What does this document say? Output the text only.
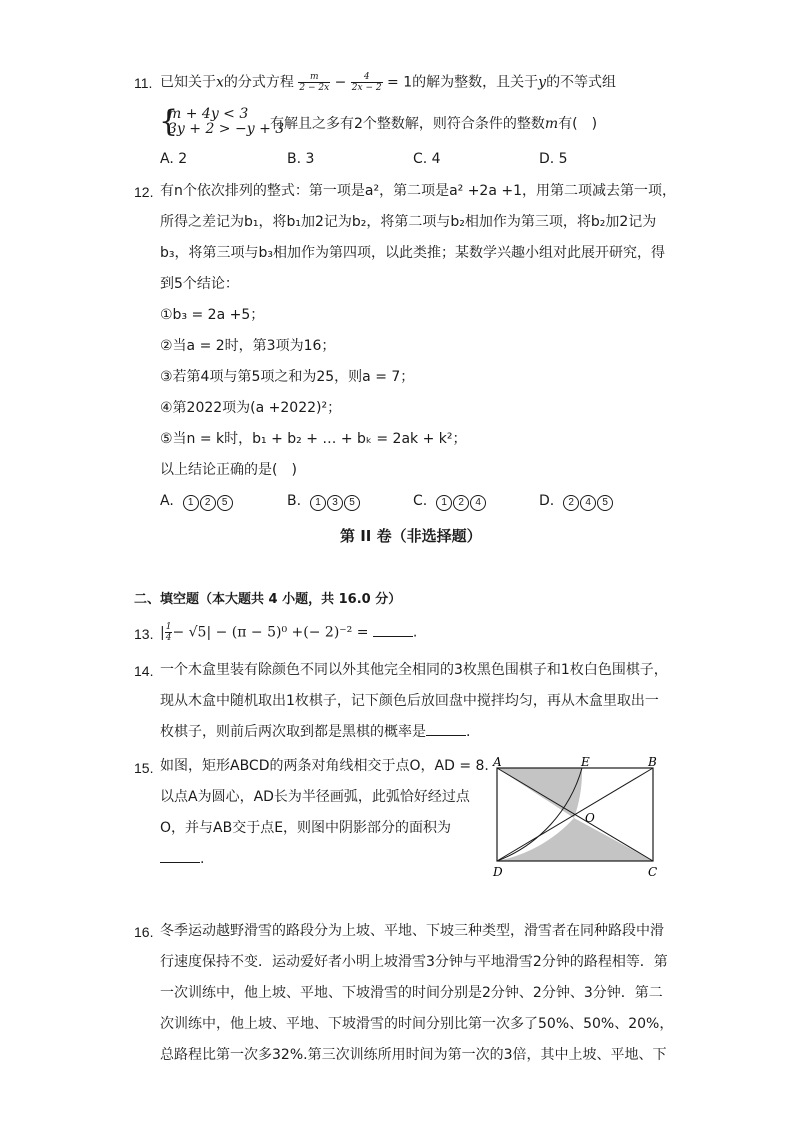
11. 已知关于x的分式方程 $\frac{m}{2 - 2x} - \frac{4}{2x - 2} = 1$的解为整数，且关于y的不等式组
{
m + 4y < 3
3y + 2 > −y + 3
有解且之多有2个整数解，则符合条件的整数m有(　)
A. 2	B. 3	C. 4	D. 5
12. 有n个依次排列的整式：第一项是a²，第二项是a² +2a +1，用第二项减去第一项，
所得之差记为b₁，将b₁加2记为b₂，将第二项与b₂相加作为第三项，将b₂加2记为
b₃，将第三项与b₃相加作为第四项，以此类推；某数学兴趣小组对此展开研究，得
到5个结论：
①b₃ = 2a +5；
②当a = 2时，第3项为16；
③若第4项与第5项之和为25，则a = 7；
④第2022项为(a +2022)²；
⑤当n = k时，b₁ + b₂ + … + bₖ = 2ak + k²；
以上结论正确的是(　)
A. 1 2 5	B. 1 3 5	C. 1 2 4	D. 2 4 5
第 II 卷（非选择题）
二、填空题（本大题共 4 小题，共 16.0 分）
13. | $\frac{1}{4} - √5| - (\pi - 5)^0$ +(− 2)⁻² =	.
14. 一个木盒里装有除颜色不同以外其他完全相同的3枚黑色围棋子和1枚白色围棋子，
现从木盒中随机取出1枚棋子，记下颜色后放回盘中搅拌均匀，再从木盒里取出一
枚棋子，则前后两次取到都是黑棋的概率是	.
15. 如图，矩形ABCD的两条对角线相交于点O，AD = 8.
以点A为圆心，AD长为半径画弧，此弧恰好经过点
O，并与AB交于点E，则图中阴影部分的面积为
.
A	E	B
O
D	C
16. 冬季运动越野滑雪的路段分为上坡、平地、下坡三种类型，滑雪者在同种路段中滑
行速度保持不变．运动爱好者小明上坡滑雪3分钟与平地滑雪2分钟的路程相等．第
一次训练中，他上坡、平地、下坡滑雪的时间分别是2分钟、2分钟、3分钟．第二
次训练中，他上坡、平地、下坡滑雪的时间分别比第一次多了50%、50%、20%，
总路程比第一次多32%.第三次训练所用时间为第一次的3倍，其中上坡、平地、下
